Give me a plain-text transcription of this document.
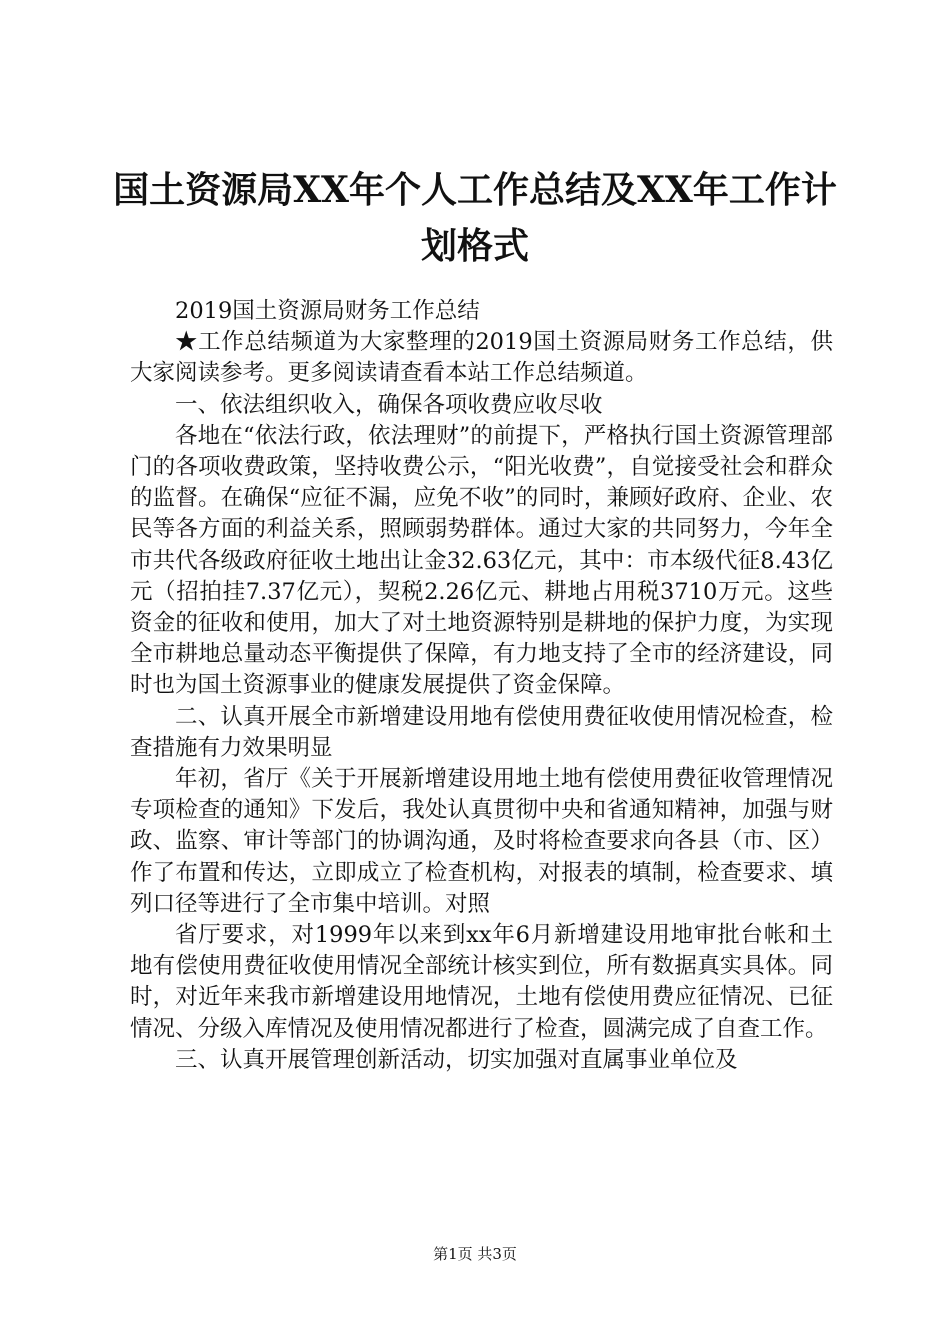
国土资源局XX年个人工作总结及XX年工作计划格式

2019国土资源局财务工作总结

★工作总结频道为大家整理的2019国土资源局财务工作总结，供大家阅读参考。更多阅读请查看本站工作总结频道。

一、依法组织收入，确保各项收费应收尽收

各地在“依法行政，依法理财”的前提下，严格执行国土资源管理部门的各项收费政策，坚持收费公示，“阳光收费”，自觉接受社会和群众的监督。在确保“应征不漏，应免不收”的同时，兼顾好政府、企业、农民等各方面的利益关系，照顾弱势群体。通过大家的共同努力，今年全市共代各级政府征收土地出让金32.63亿元，其中：市本级代征8.43亿元（招拍挂7.37亿元），契税2.26亿元、耕地占用税3710万元。这些资金的征收和使用，加大了对土地资源特别是耕地的保护力度，为实现全市耕地总量动态平衡提供了保障，有力地支持了全市的经济建设，同时也为国土资源事业的健康发展提供了资金保障。

二、认真开展全市新增建设用地有偿使用费征收使用情况检查，检查措施有力效果明显

年初，省厅《关于开展新增建设用地土地有偿使用费征收管理情况专项检查的通知》下发后，我处认真贯彻中央和省通知精神，加强与财政、监察、审计等部门的协调沟通，及时将检查要求向各县（市、区）作了布置和传达，立即成立了检查机构，对报表的填制，检查要求、填列口径等进行了全市集中培训。对照

省厅要求，对1999年以来到xx年6月新增建设用地审批台帐和土地有偿使用费征收使用情况全部统计核实到位，所有数据真实具体。同时，对近年来我市新增建设用地情况，土地有偿使用费应征情况、已征情况、分级入库情况及使用情况都进行了检查，圆满完成了自查工作。

三、认真开展管理创新活动，切实加强对直属事业单位及

第1页 共3页
